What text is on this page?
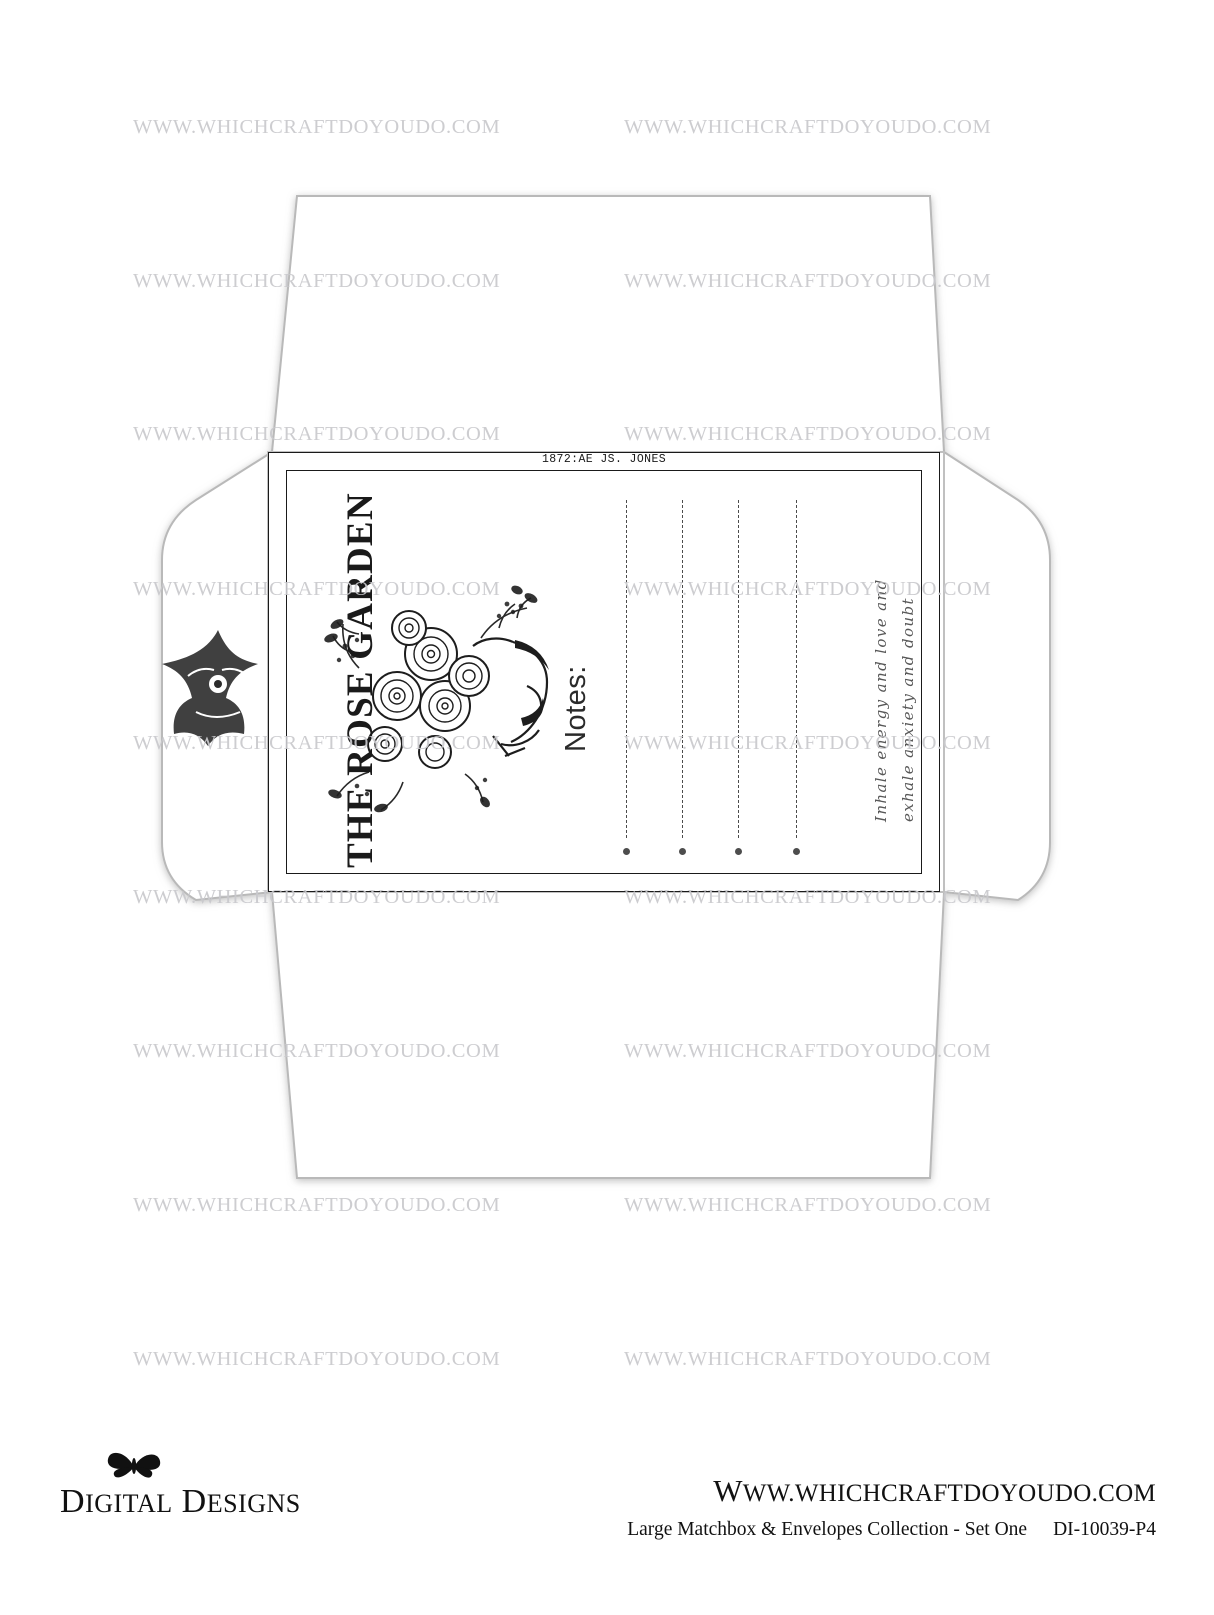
WWW.WHICHCRAFTDOYOUDO.COM	WWW.WHICHCRAFTDOYOUDO.COM
WWW.WHICHCRAFTDOYOUDO.COM	WWW.WHICHCRAFTDOYOUDO.COM
WWW.WHICHCRAFTDOYOUDO.COM	WWW.WHICHCRAFTDOYOUDO.COM
WWW.WHICHCRAFTDOYOUDO.COM	WWW.WHICHCRAFTDOYOUDO.COM
WWW.WHICHCRAFTDOYOUDO.COM	WWW.WHICHCRAFTDOYOUDO.COM
WWW.WHICHCRAFTDOYOUDO.COM	WWW.WHICHCRAFTDOYOUDO.COM
WWW.WHICHCRAFTDOYOUDO.COM	WWW.WHICHCRAFTDOYOUDO.COM
WWW.WHICHCRAFTDOYOUDO.COM	WWW.WHICHCRAFTDOYOUDO.COM
WWW.WHICHCRAFTDOYOUDO.COM	WWW.WHICHCRAFTDOYOUDO.COM
1872:AE JS. JONES
THE ROSE GARDEN	Notes:	Inhale energy and love and exhale anxiety and doubt
DIGITAL DESIGNS	WWW.WHICHCRAFTDOYOUDO.COM
Large Matchbox & Envelopes Collection - Set One DI-10039-P4
